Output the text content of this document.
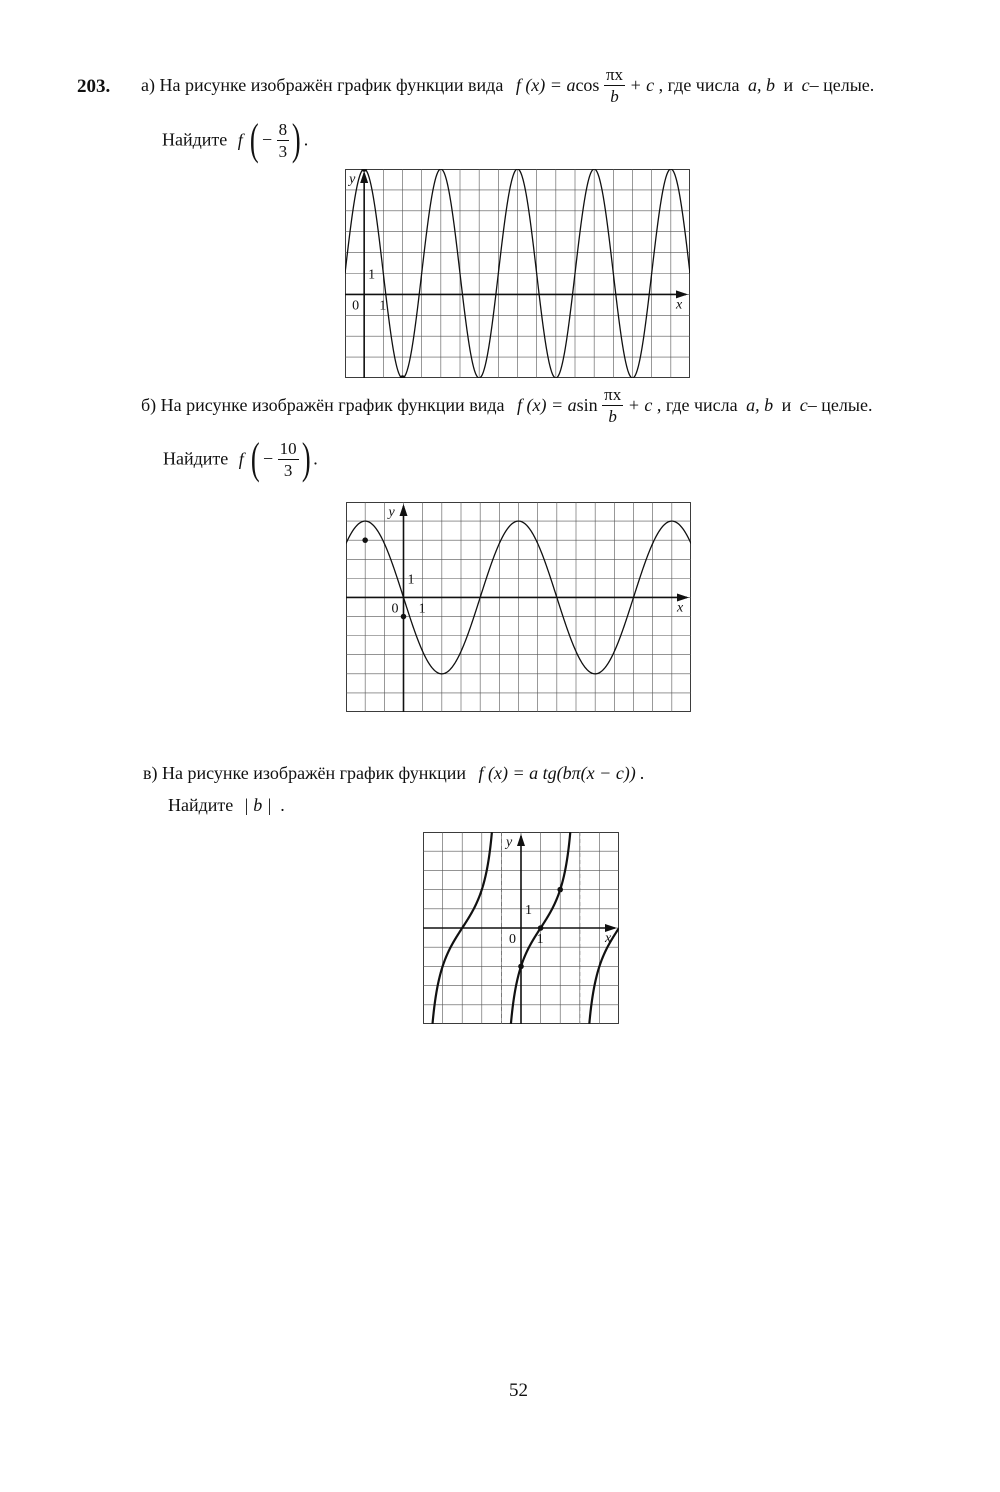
203. а) На рисунке изображён график функции вида f (x) = acos $\frac{\pi x}{b} + c$ , где числа a, b и c– целые.
Найдите f ( − $\frac{8}{3}$ ) .
x
y
0 1
1
б) На рисунке изображён график функции вида f (x) = asin $\frac{\pi x}{b} + c$ , где числа a, b и c– целые.
Найдите f ( − $\frac{10}{3}$ ) .
x
y
0 1
1
в) На рисунке изображён график функции f (x) = a tg(bπ(x − c)) .
Найдите | b | .
x
y
0 1
1
52
